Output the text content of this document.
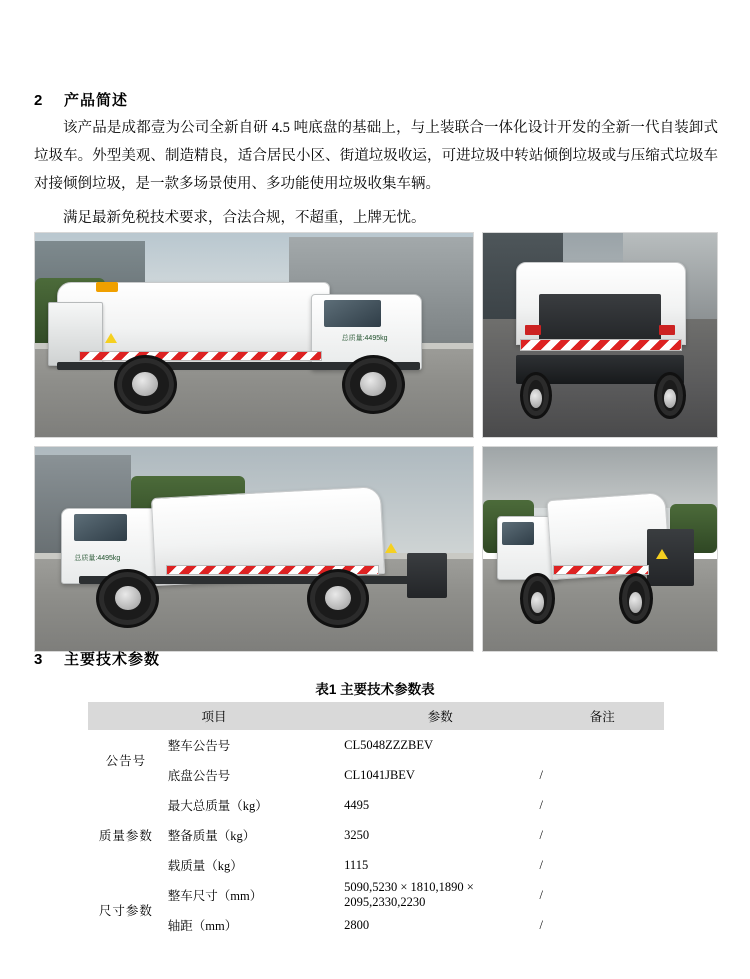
2	产品简述
该产品是成都壹为公司全新自研 4.5 吨底盘的基础上，与上装联合一体化设计开发的全新一代自装卸式垃圾车。外型美观、制造精良，适合居民小区、街道垃圾收运，可进垃圾中转站倾倒垃圾或与压缩式垃圾车对接倾倒垃圾，是一款多场景使用、多功能使用垃圾收集车辆。
满足最新免税技术要求，合法合规，不超重，上牌无忧。
总质量:4495kg
总质量:4495kg
3	主要技术参数
表1 主要技术参数表
项目		参数	备注
公告号	整车公告号	CL5048ZZZBEV	
	底盘公告号	CL1041JBEV	/
质量参数	最大总质量（kg）	4495	/
	整备质量（kg）	3250	/
	载质量（kg）	1115	/
尺寸参数	整车尺寸（mm）	5090,5230 × 1810,1890 × 2095,2330,2230	/
	轴距（mm）	2800	/
